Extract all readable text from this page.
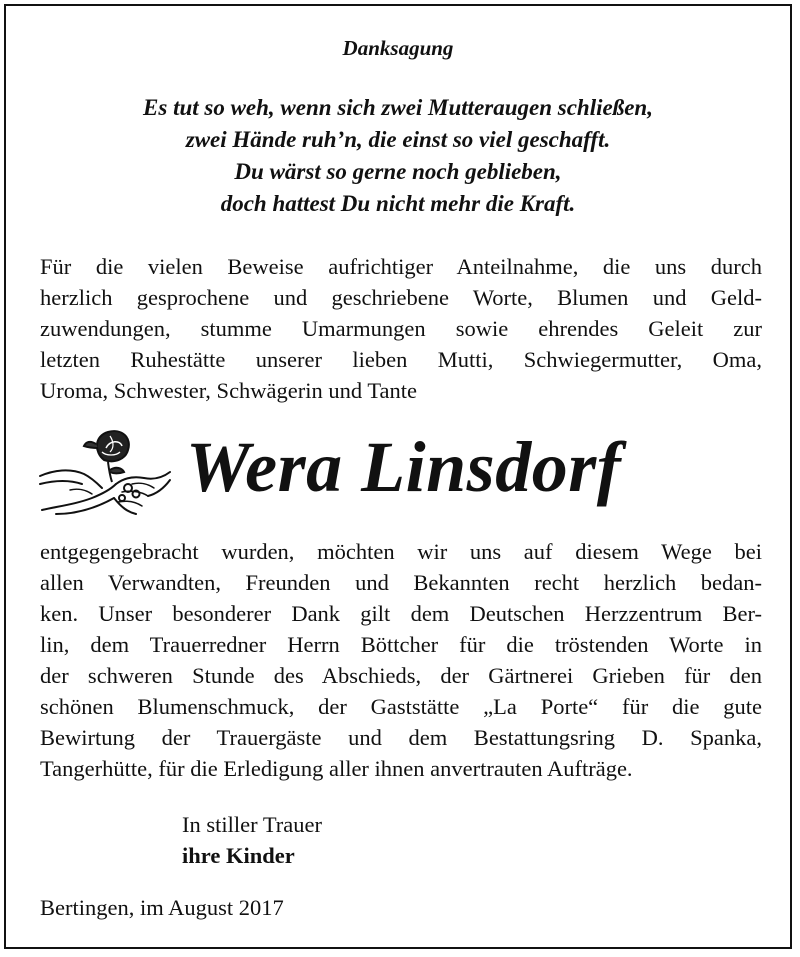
Danksagung
Es tut so weh, wenn sich zwei Mutteraugen schließen,
zwei Hände ruh’n, die einst so viel geschafft.
Du wärst so gerne noch geblieben,
doch hattest Du nicht mehr die Kraft.
Für die vielen Beweise aufrichtiger Anteilnahme, die uns durch
herzlich gesprochene und geschriebene Worte, Blumen und Geld-
zuwendungen, stumme Umarmungen sowie ehrendes Geleit zur
letzten Ruhestätte unserer lieben Mutti, Schwiegermutter, Oma,
Uroma, Schwester, Schwägerin und Tante
Wera Linsdorf
entgegengebracht wurden, möchten wir uns auf diesem Wege bei
allen Verwandten, Freunden und Bekannten recht herzlich bedan-
ken. Unser besonderer Dank gilt dem Deutschen Herzzentrum Ber-
lin, dem Trauerredner Herrn Böttcher für die tröstenden Worte in
der schweren Stunde des Abschieds, der Gärtnerei Grieben für den
schönen Blumenschmuck, der Gaststätte „La Porte“ für die gute
Bewirtung der Trauergäste und dem Bestattungsring D. Spanka,
Tangerhütte, für die Erledigung aller ihnen anvertrauten Aufträge.
In stiller Trauer
ihre Kinder
Bertingen, im August 2017
